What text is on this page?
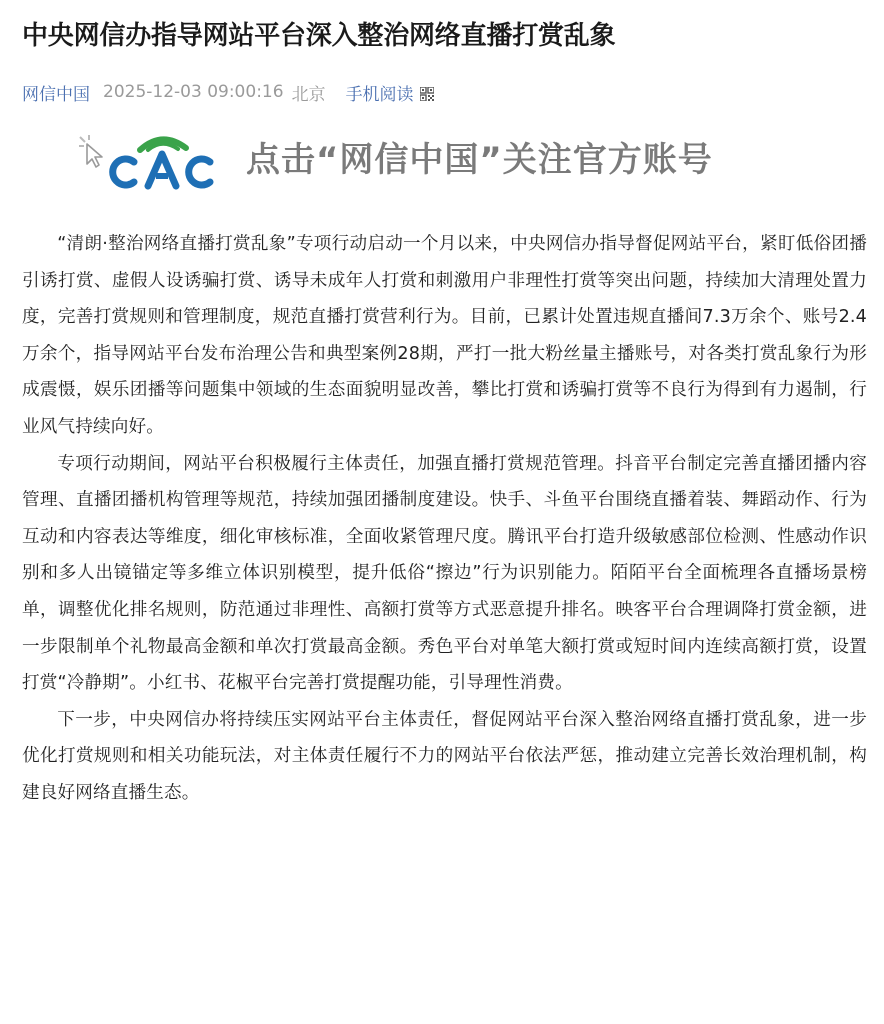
中央网信办指导网站平台深入整治网络直播打赏乱象
网信中国 2025-12-03 09:00:16 北京 手机阅读
点击“网信中国”关注官方账号

“清朗·整治网络直播打赏乱象”专项行动启动一个月以来，中央网信办指导督促网站平台，紧盯低俗团播引诱打赏、虚假人设诱骗打赏、诱导未成年人打赏和刺激用户非理性打赏等突出问题，持续加大清理处置力度，完善打赏规则和管理制度，规范直播打赏营利行为。目前，已累计处置违规直播间7.3万余个、账号2.4万余个，指导网站平台发布治理公告和典型案例28期，严打一批大粉丝量主播账号，对各类打赏乱象行为形成震慑，娱乐团播等问题集中领域的生态面貌明显改善，攀比打赏和诱骗打赏等不良行为得到有力遏制，行业风气持续向好。

专项行动期间，网站平台积极履行主体责任，加强直播打赏规范管理。抖音平台制定完善直播团播内容管理、直播团播机构管理等规范，持续加强团播制度建设。快手、斗鱼平台围绕直播着装、舞蹈动作、行为互动和内容表达等维度，细化审核标准，全面收紧管理尺度。腾讯平台打造升级敏感部位检测、性感动作识别和多人出镜锚定等多维立体识别模型，提升低俗“擦边”行为识别能力。陌陌平台全面梳理各直播场景榜单，调整优化排名规则，防范通过非理性、高额打赏等方式恶意提升排名。映客平台合理调降打赏金额，进一步限制单个礼物最高金额和单次打赏最高金额。秀色平台对单笔大额打赏或短时间内连续高额打赏，设置打赏“冷静期”。小红书、花椒平台完善打赏提醒功能，引导理性消费。

下一步，中央网信办将持续压实网站平台主体责任，督促网站平台深入整治网络直播打赏乱象，进一步优化打赏规则和相关功能玩法，对主体责任履行不力的网站平台依法严惩，推动建立完善长效治理机制，构建良好网络直播生态。
